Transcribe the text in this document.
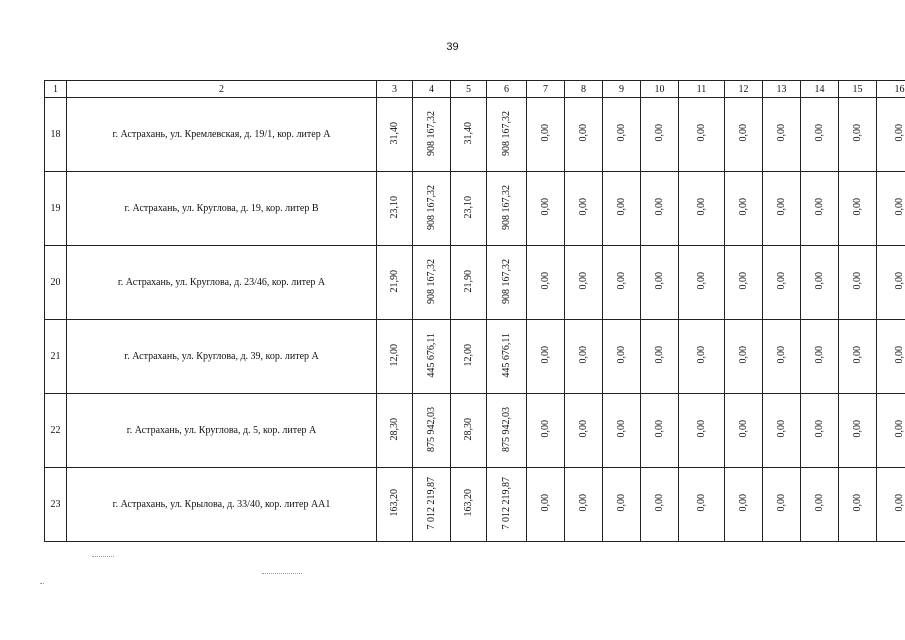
39
1	2	3	4	5	6	7	8	9	10	11	12	13	14	15	16
18	г. Астрахань, ул. Кремлевская, д. 19/1, кор. литер А	31,40	908 167,32	31,40	908 167,32	0,00	0,00	0,00	0,00	0,00	0,00	0,00	0,00	0,00	0,00
19	г. Астрахань, ул. Круглова, д. 19, кор. литер В	23,10	908 167,32	23,10	908 167,32	0,00	0,00	0,00	0,00	0,00	0,00	0,00	0,00	0,00	0,00
20	г. Астрахань, ул. Круглова, д. 23/46, кор. литер А	21,90	908 167,32	21,90	908 167,32	0,00	0,00	0,00	0,00	0,00	0,00	0,00	0,00	0,00	0,00
21	г. Астрахань, ул. Круглова, д. 39, кор. литер А	12,00	445 676,11	12,00	445 676,11	0,00	0,00	0,00	0,00	0,00	0,00	0,00	0,00	0,00	0,00
22	г. Астрахань, ул. Круглова, д. 5, кор. литер А	28,30	875 942,03	28,30	875 942,03	0,00	0,00	0,00	0,00	0,00	0,00	0,00	0,00	0,00	0,00
23	г. Астрахань, ул. Крылова, д. 33/40, кор. литер АА1	163,20	7 012 219,87	163,20	7 012 219,87	0,00	0,00	0,00	0,00	0,00	0,00	0,00	0,00	0,00	0,00
